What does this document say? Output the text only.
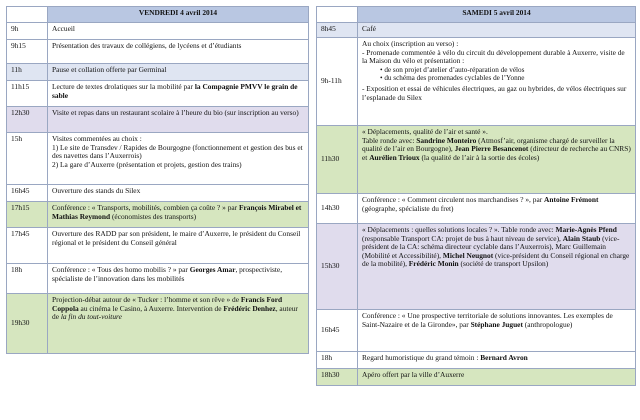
	VENDREDI 4 avril 2014
9h	Accueil
9h15	Présentation des travaux de collégiens, de lycéens et d’étudiants
11h	Pause et collation offerte par Germinal
11h15	Lecture de textes drolatiques sur la mobilité par la Compagnie PMVV le grain de sable
12h30	Visite et repas dans un restaurant scolaire à l’heure du bio (sur inscription au verso)
15h	Visites commentées au choix :
1) Le site de Transdev / Rapides de Bourgogne (fonctionnement et gestion des bus et des navettes dans l’Auxerrois)
2) La gare d’Auxerre (présentation et projets, gestion des trains)

16h45	Ouverture des stands du Silex
17h15	Conférence : « Transports, mobilités, combien ça coûte ? » par François Mirabel et Mathias Reymond (économistes des transports)
17h45	Ouverture des RADD par son président, le maire d’Auxerre, le président du Conseil régional et le président du Conseil général
18h	Conférence : « Tous des homo mobilis ? » par Georges Amar, prospectiviste, spécialiste de l’innovation dans les mobilités
19h30	Projection-débat autour de « Tucker : l’homme et son rêve » de Francis Ford Coppola au cinéma le Casino, à Auxerre. Intervention de Frédéric Denhez, auteur de la fin du tout-voiture
	SAMEDI 5 avril 2014
8h45	Café
9h-11h	Au choix (inscription au verso) :
- Promenade commentée à vélo du circuit du développement durable à Auxerre, visite de la Maison du vélo et présentation :
• de son projet d’atelier d’auto-réparation de vélos
• du schéma des promenades cyclables de l’Yonne
- Exposition et essai de véhicules électriques, au gaz ou hybrides, de vélos électriques sur l’esplanade du Silex

11h30	« Déplacements, qualité de l’air et santé ».
Table ronde avec: Sandrine Monteiro (Atmosf’air, organisme chargé de surveiller la qualité de l’air en Bourgogne), Jean Pierre Besancenot (directeur de recherche au CNRS) et Aurélien Trioux (la qualité de l’air à la sortie des écoles)

14h30	Conférence : « Comment circulent nos marchandises ? », par Antoine Frémont (géographe, spécialiste du fret)
15h30	« Déplacements : quelles solutions locales ? ». Table ronde avec: Marie-Agnès Pfend (responsable Transport CA: projet de bus à haut niveau de service), Alain Staub (vice-président de la CA: schéma directeur cyclable dans l’Auxerrois), Marc Guillemain (Mobilité et Accessibilité), Michel Neugnot (vice-président du Conseil régional en charge de la mobilité), Frédéric Monin (société de transport Upsilon)
16h45	Conférence : « Une prospective territoriale de solutions innovantes. Les exemples de Saint-Nazaire et de la Gironde», par Stéphane Juguet (anthropologue)
18h	Regard humoristique du grand témoin : Bernard Avron
18h30	Apéro offert par la ville d’Auxerre
